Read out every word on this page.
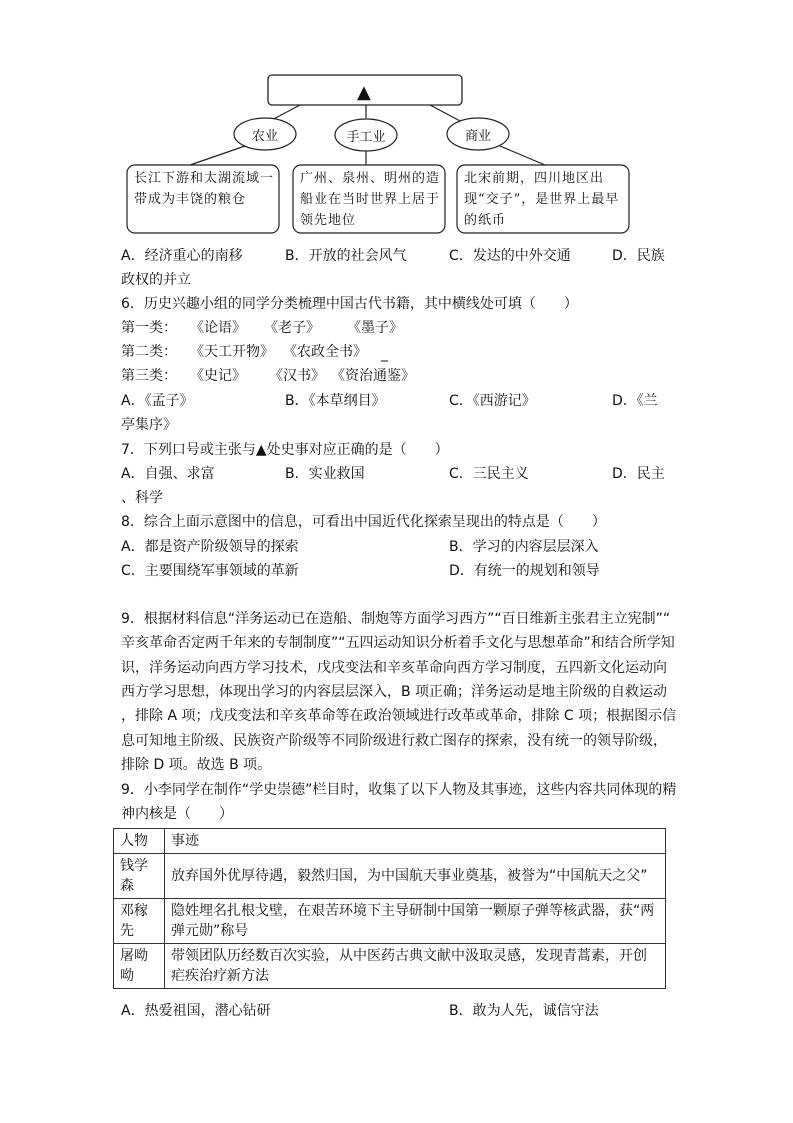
▲
农业	手工业	商业
长江下游和太湖流域一带成为丰饶的粮仓
广州、泉州、明州的造船业在当时世界上居于领先地位
北宋前期，四川地区出现“交子”，是世界上最早的纸币
A．经济重心的南移	B．开放的社会风气	C．发达的中外交通	D．民族
政权的并立
6．历史兴趣小组的同学分类梳理中国古代书籍，其中横线处可填（　　）
第一类： 《论语》 《老子》 《墨子》
第二类： 《天工开物》 《农政全书》 _
第三类： 《史记》 《汉书》 《资治通鉴》
A．《孟子》	B．《本草纲目》	C．《西游记》	D．《兰
亭集序》
7．下列口号或主张与▲处史事对应正确的是（　　）
A．自强、求富	B．实业救国	C．三民主义	D．民主
、科学
8．综合上面示意图中的信息，可看出中国近代化探索呈现出的特点是（　　）
A．都是资产阶级领导的探索	B．学习的内容层层深入
C．主要围绕军事领域的革新	D．有统一的规划和领导
9．根据材料信息“洋务运动已在造船、制炮等方面学习西方”“百日维新主张君主立宪制”“
辛亥革命否定两千年来的专制制度”“五四运动知识分析着手文化与思想革命”和结合所学知
识，洋务运动向西方学习技术，戊戌变法和辛亥革命向西方学习制度，五四新文化运动向
西方学习思想，体现出学习的内容层层深入，B 项正确；洋务运动是地主阶级的自救运动
，排除 A 项；戊戌变法和辛亥革命等在政治领域进行改革或革命，排除 C 项；根据图示信
息可知地主阶级、民族资产阶级等不同阶级进行救亡图存的探索，没有统一的领导阶级，
排除 D 项。故选 B 项。
9．小李同学在制作“学史崇德”栏目时，收集了以下人物及其事迹，这些内容共同体现的精
神内核是（　　）
人物	事迹
钱学
森	放弃国外优厚待遇，毅然归国，为中国航天事业奠基，被誉为“中国航天之父”
邓稼
先	隐姓埋名扎根戈壁，在艰苦环境下主导研制中国第一颗原子弹等核武器，获“两
弹元勋”称号
屠呦
呦	带领团队历经数百次实验，从中医药古典文献中汲取灵感，发现青蒿素，开创
疟疾治疗新方法
A．热爱祖国，潜心钻研	B．敢为人先，诚信守法
